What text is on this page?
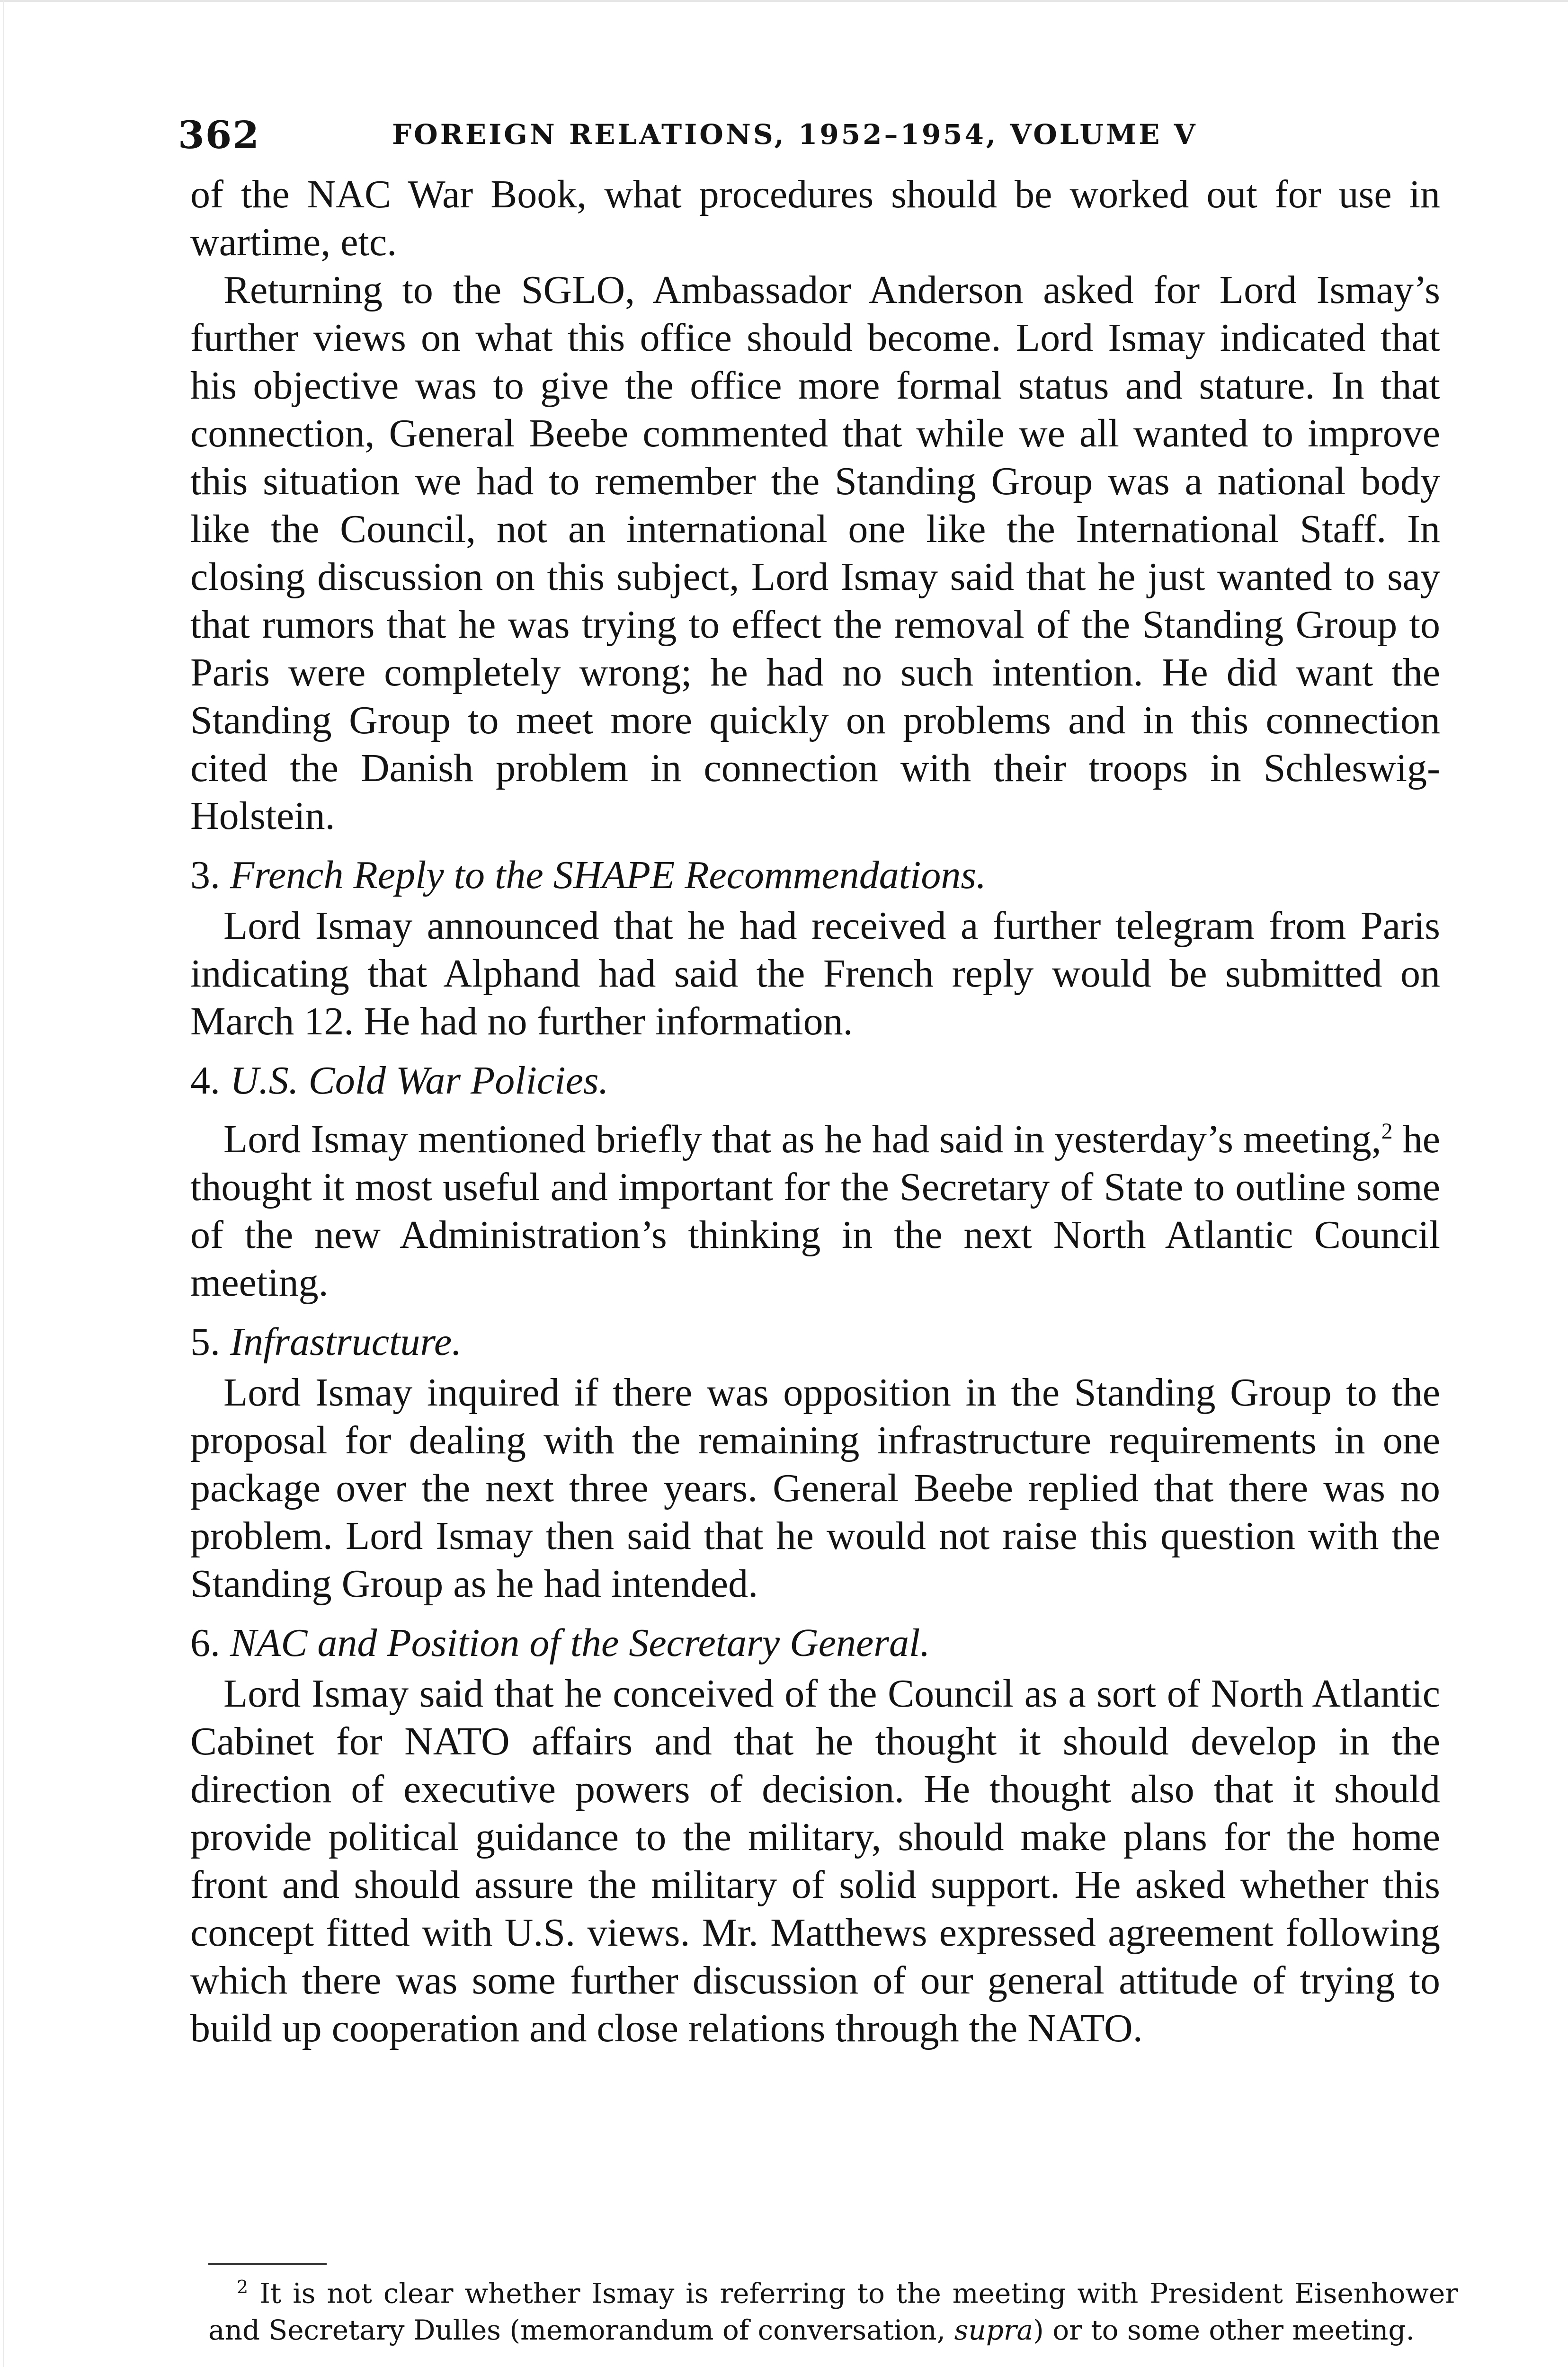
362	FOREIGN RELATIONS, 1952–1954, VOLUME V

of the NAC War Book, what procedures should be worked out for use in wartime, etc.

Returning to the SGLO, Ambassador Anderson asked for Lord Ismay’s further views on what this office should become. Lord Ismay indicated that his objective was to give the office more formal status and stature. In that connection, General Beebe commented that while we all wanted to improve this situation we had to remember the Standing Group was a national body like the Council, not an international one like the International Staff. In closing discussion on this subject, Lord Ismay said that he just wanted to say that rumors that he was trying to effect the removal of the Standing Group to Paris were completely wrong; he had no such intention. He did want the Standing Group to meet more quickly on problems and in this connection cited the Danish problem in connection with their troops in Schleswig-Holstein.

3. French Reply to the SHAPE Recommendations.

Lord Ismay announced that he had received a further telegram from Paris indicating that Alphand had said the French reply would be submitted on March 12. He had no further information.

4. U.S. Cold War Policies.

Lord Ismay mentioned briefly that as he had said in yesterday’s meeting,$^2$ he thought it most useful and important for the Secretary of State to outline some of the new Administration’s thinking in the next North Atlantic Council meeting.

5. Infrastructure.

Lord Ismay inquired if there was opposition in the Standing Group to the proposal for dealing with the remaining infrastructure requirements in one package over the next three years. General Beebe replied that there was no problem. Lord Ismay then said that he would not raise this question with the Standing Group as he had intended.

6. NAC and Position of the Secretary General.

Lord Ismay said that he conceived of the Council as a sort of North Atlantic Cabinet for NATO affairs and that he thought it should develop in the direction of executive powers of decision. He thought also that it should provide political guidance to the military, should make plans for the home front and should assure the military of solid support. He asked whether this concept fitted with U.S. views. Mr. Matthews expressed agreement following which there was some further discussion of our general attitude of trying to build up cooperation and close relations through the NATO.

$^2$ It is not clear whether Ismay is referring to the meeting with President Eisenhower and Secretary Dulles (memorandum of conversation, supra) or to some other meeting.
